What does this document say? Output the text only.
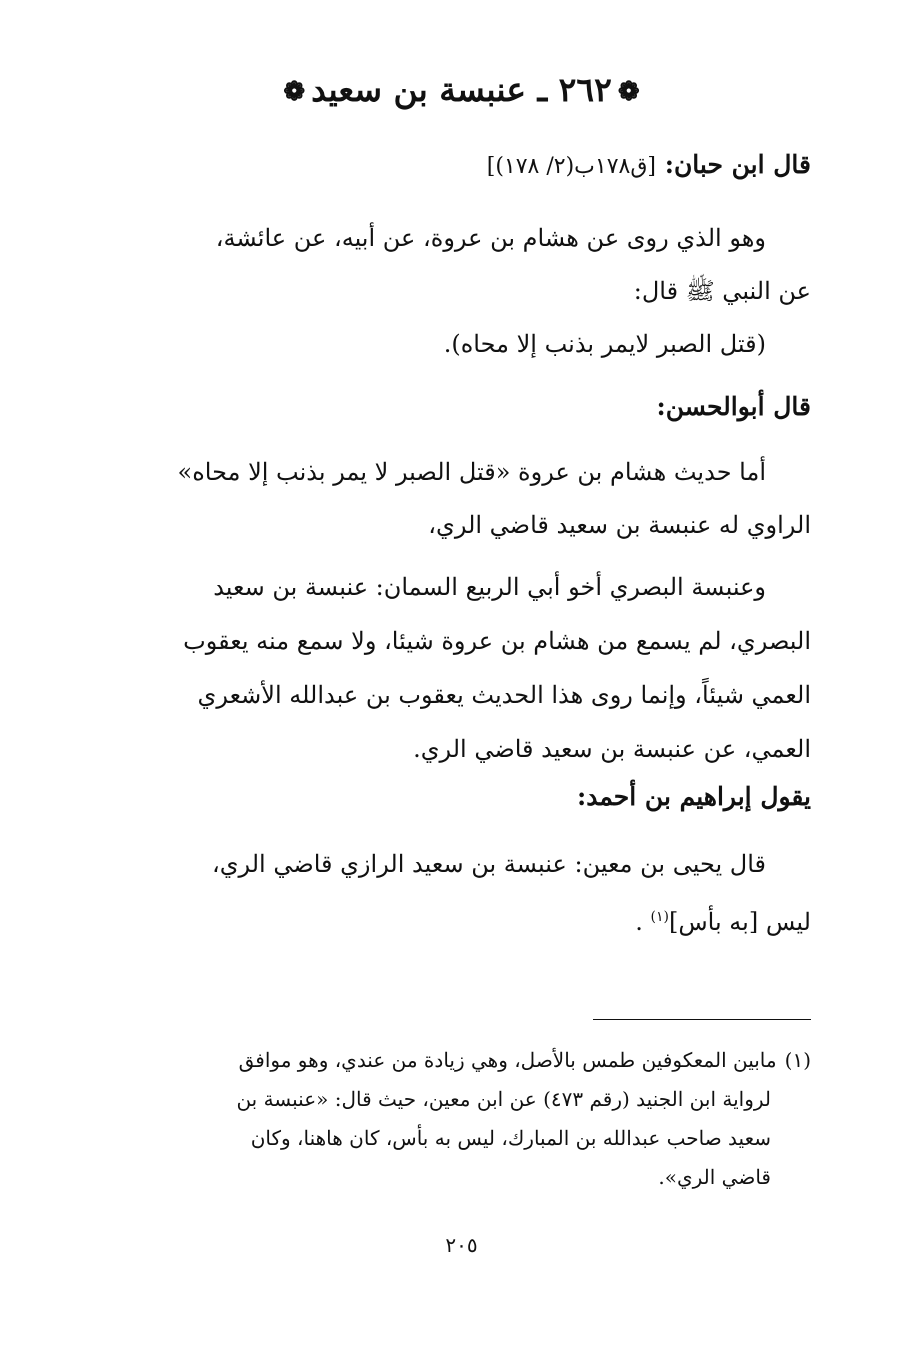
❁٢٦٢ ـ عنبسة بن سعيد❁
قال ابن حبان: [ق١٧٨ب(٢/ ١٧٨)]
وهو الذي روى عن هشام بن عروة، عن أبيه، عن عائشة،
عن النبي ﷺ قال:
(قتل الصبر لايمر بذنب إلا محاه).
قال أبوالحسن:
أما حديث هشام بن عروة «قتل الصبر لا يمر بذنب إلا محاه»
الراوي له عنبسة بن سعيد قاضي الري،
وعنبسة البصري أخو أبي الربيع السمان: عنبسة بن سعيد
البصري، لم يسمع من هشام بن عروة شيئا، ولا سمع منه يعقوب
العمي شيئاً، وإنما روى هذا الحديث يعقوب بن عبدالله الأشعري
العمي، عن عنبسة بن سعيد قاضي الري.
يقول إبراهيم بن أحمد:
قال يحيى بن معين: عنبسة بن سعيد الرازي قاضي الري،
ليس [به بأس]$^{(١)}$ .
(١)مابين المعكوفين طمس بالأصل، وهي زيادة من عندي، وهو موافق
لرواية ابن الجنيد (رقم ٤٧٣) عن ابن معين، حيث قال: «عنبسة بن
سعيد صاحب عبدالله بن المبارك، ليس به بأس، كان هاهنا، وكان
قاضي الري».
٢٠٥
